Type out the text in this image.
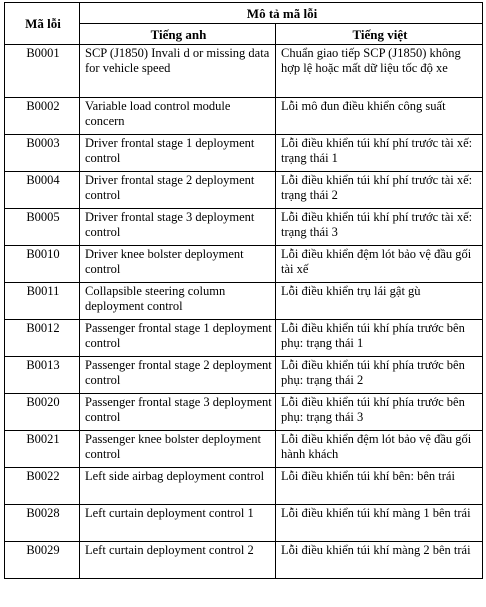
Mã lỗi	Mô tả mã lỗi	
	Tiếng anh	Tiếng việt
B0001	SCP (J1850) Invali d or missing data for vehicle speed	Chuẩn giao tiếp SCP (J1850) không hợp lệ hoặc mất dữ liệu tốc độ xe
B0002	Variable load control module concern	Lỗi mô đun điều khiển công suất
B0003	Driver frontal stage 1 deployment control	Lỗi điều khiển túi khí phí trước tài xế: trạng thái 1
B0004	Driver frontal stage 2 deployment control	Lỗi điều khiển túi khí phí trước tài xế: trạng thái 2
B0005	Driver frontal stage 3 deployment control	Lỗi điều khiển túi khí phí trước tài xế: trạng thái 3
B0010	Driver knee bolster deployment control	Lỗi điều khiển đệm lót bảo vệ đầu gối tài xế
B0011	Collapsible steering column deployment control	Lỗi điều khiển trụ lái gật gù
B0012	Passenger frontal stage 1 deployment control	Lỗi điều khiển túi khí phía trước bên phụ: trạng thái 1
B0013	Passenger frontal stage 2 deployment control	Lỗi điều khiển túi khí phía trước bên phụ: trạng thái 2
B0020	Passenger frontal stage 3 deployment control	Lỗi điều khiển túi khí phía trước bên phụ: trạng thái 3
B0021	Passenger knee bolster deployment control	Lỗi điều khiển đệm lót bảo vệ đầu gối hành khách
B0022	Left side airbag deployment control	Lỗi điều khiển túi khí bên: bên trái
B0028	Left curtain deployment control 1	Lỗi điều khiển túi khí màng 1 bên trái
B0029	Left curtain deployment control 2	Lỗi điều khiển túi khí màng 2 bên trái
